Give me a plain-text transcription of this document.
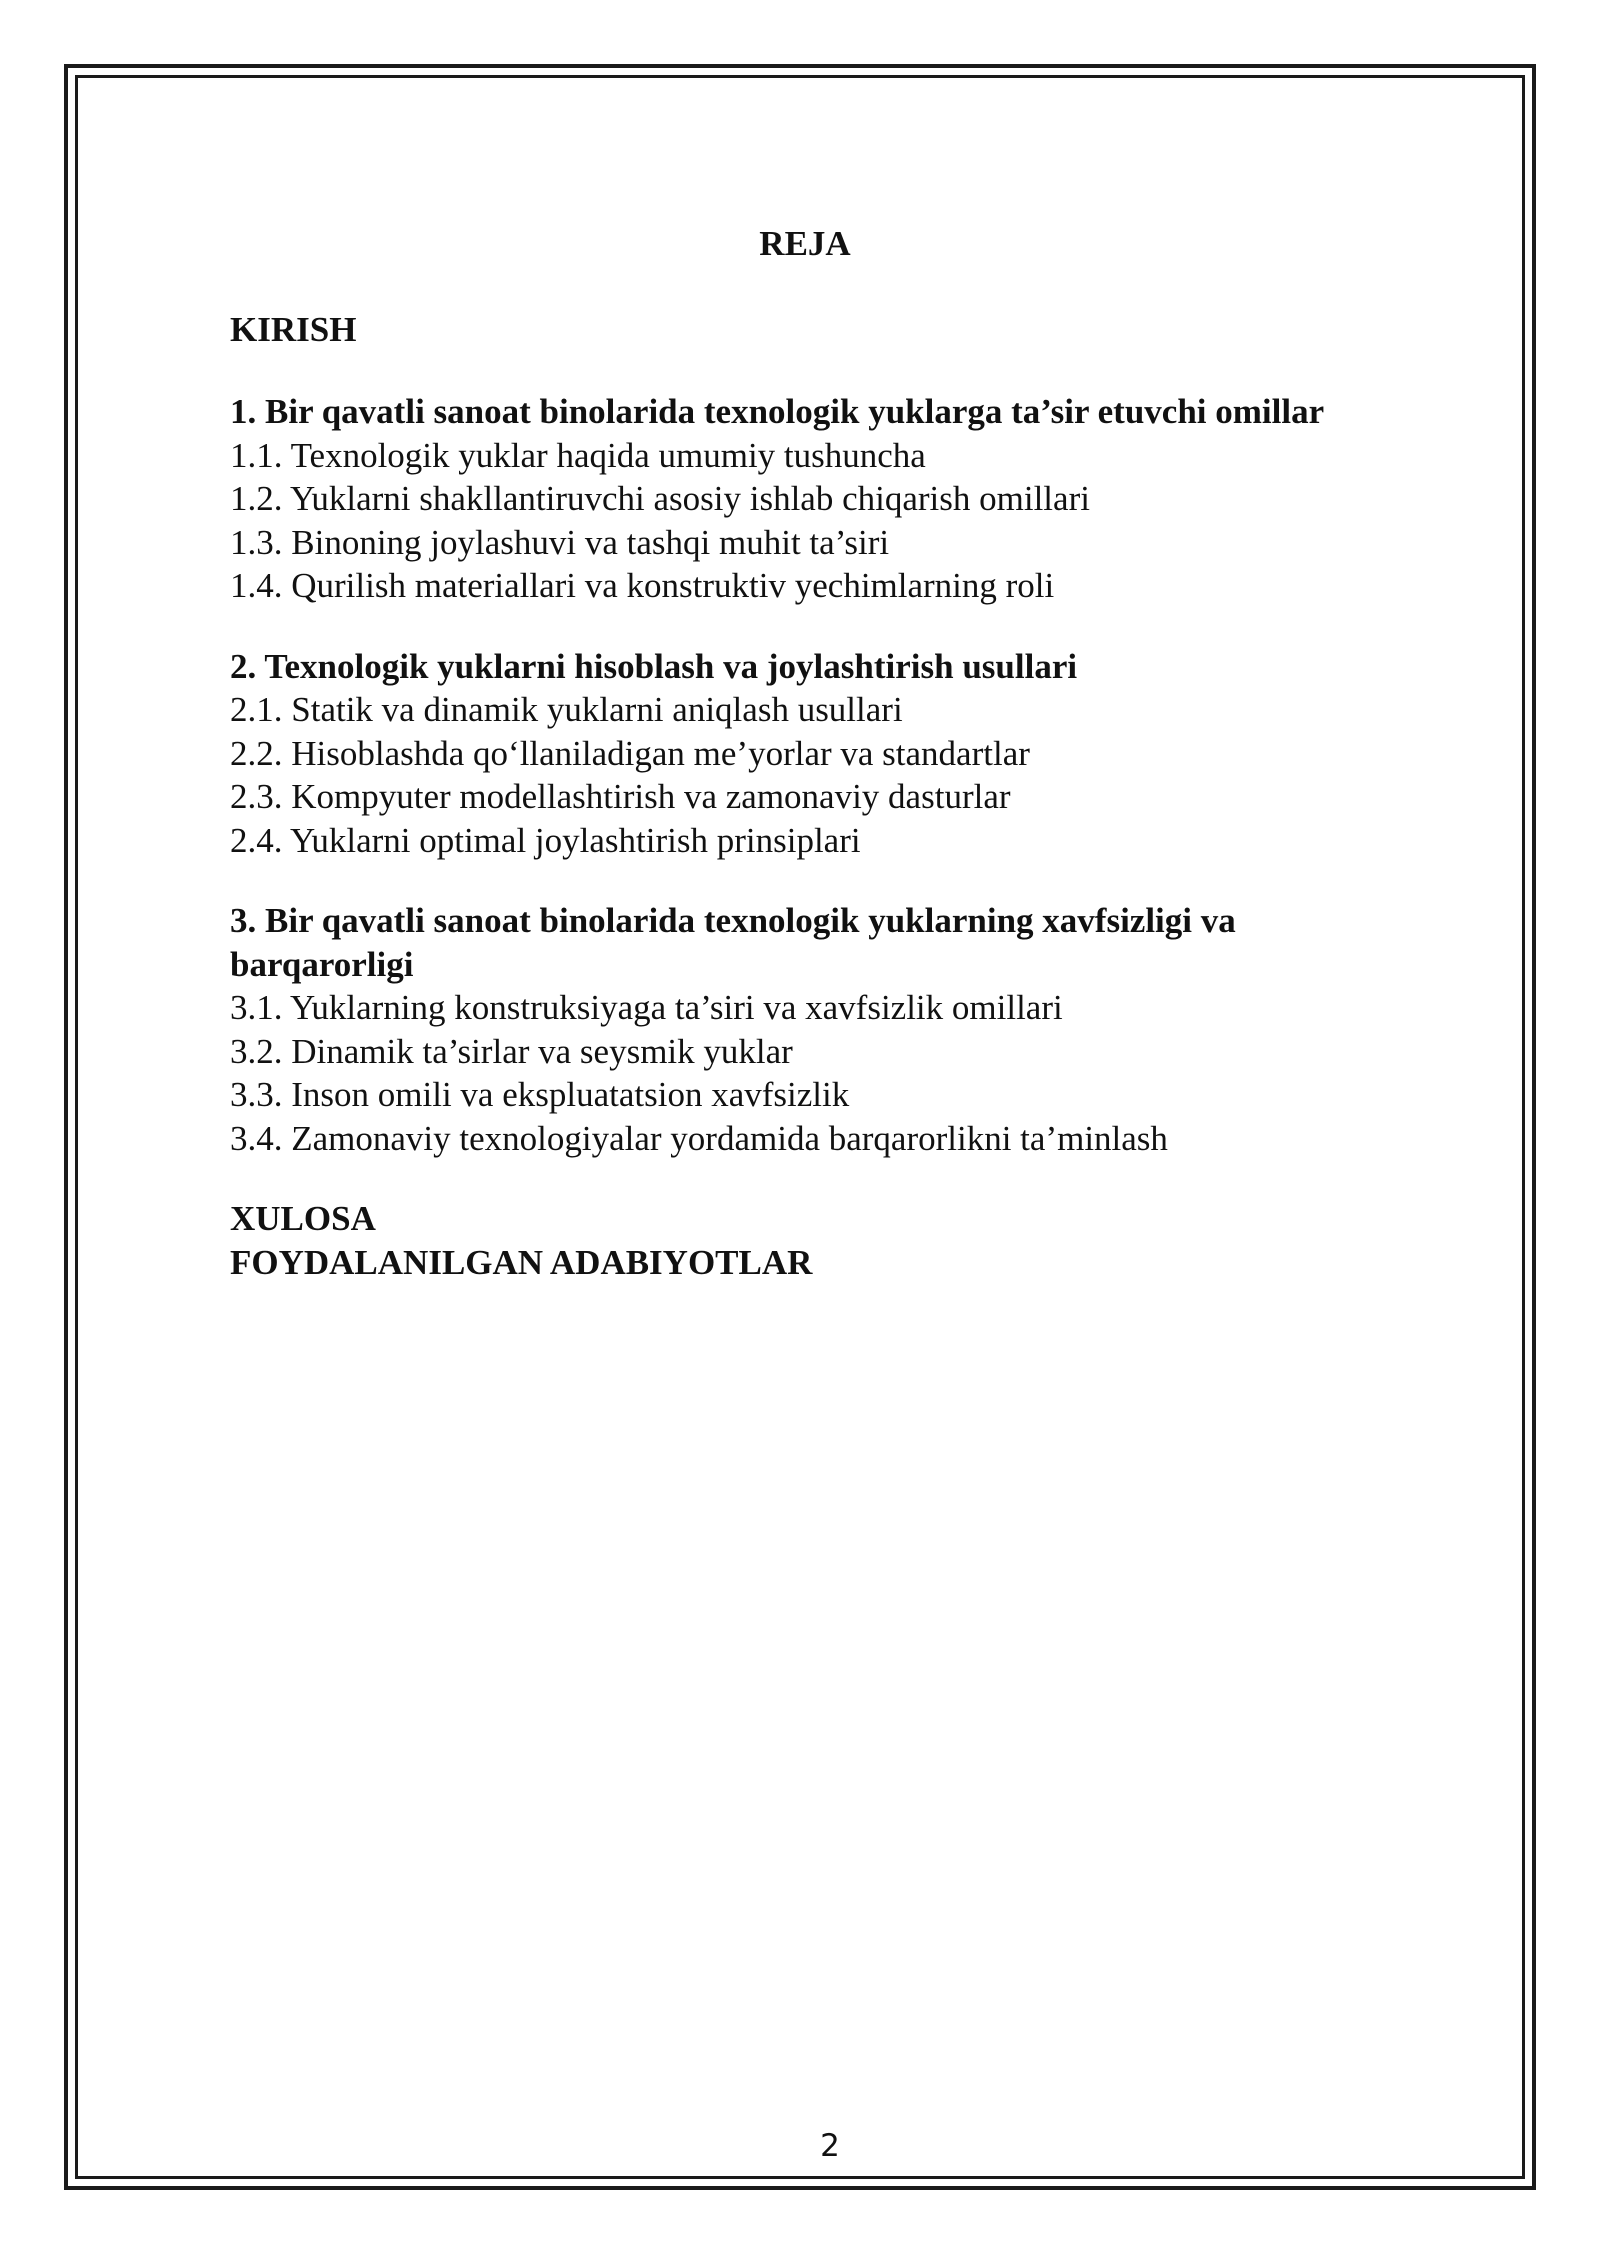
REJA

KIRISH

1. Bir qavatli sanoat binolarida texnologik yuklarga ta’sir etuvchi omillar

1.1. Texnologik yuklar haqida umumiy tushuncha

1.2. Yuklarni shakllantiruvchi asosiy ishlab chiqarish omillari

1.3. Binoning joylashuvi va tashqi muhit ta’siri

1.4. Qurilish materiallari va konstruktiv yechimlarning roli

2. Texnologik yuklarni hisoblash va joylashtirish usullari

2.1. Statik va dinamik yuklarni aniqlash usullari

2.2. Hisoblashda qo‘llaniladigan me’yorlar va standartlar

2.3. Kompyuter modellashtirish va zamonaviy dasturlar

2.4. Yuklarni optimal joylashtirish prinsiplari

3. Bir qavatli sanoat binolarida texnologik yuklarning xavfsizligi va barqarorligi

3.1. Yuklarning konstruksiyaga ta’siri va xavfsizlik omillari

3.2. Dinamik ta’sirlar va seysmik yuklar

3.3. Inson omili va ekspluatatsion xavfsizlik

3.4. Zamonaviy texnologiyalar yordamida barqarorlikni ta’minlash

XULOSA

FOYDALANILGAN ADABIYOTLAR

2
